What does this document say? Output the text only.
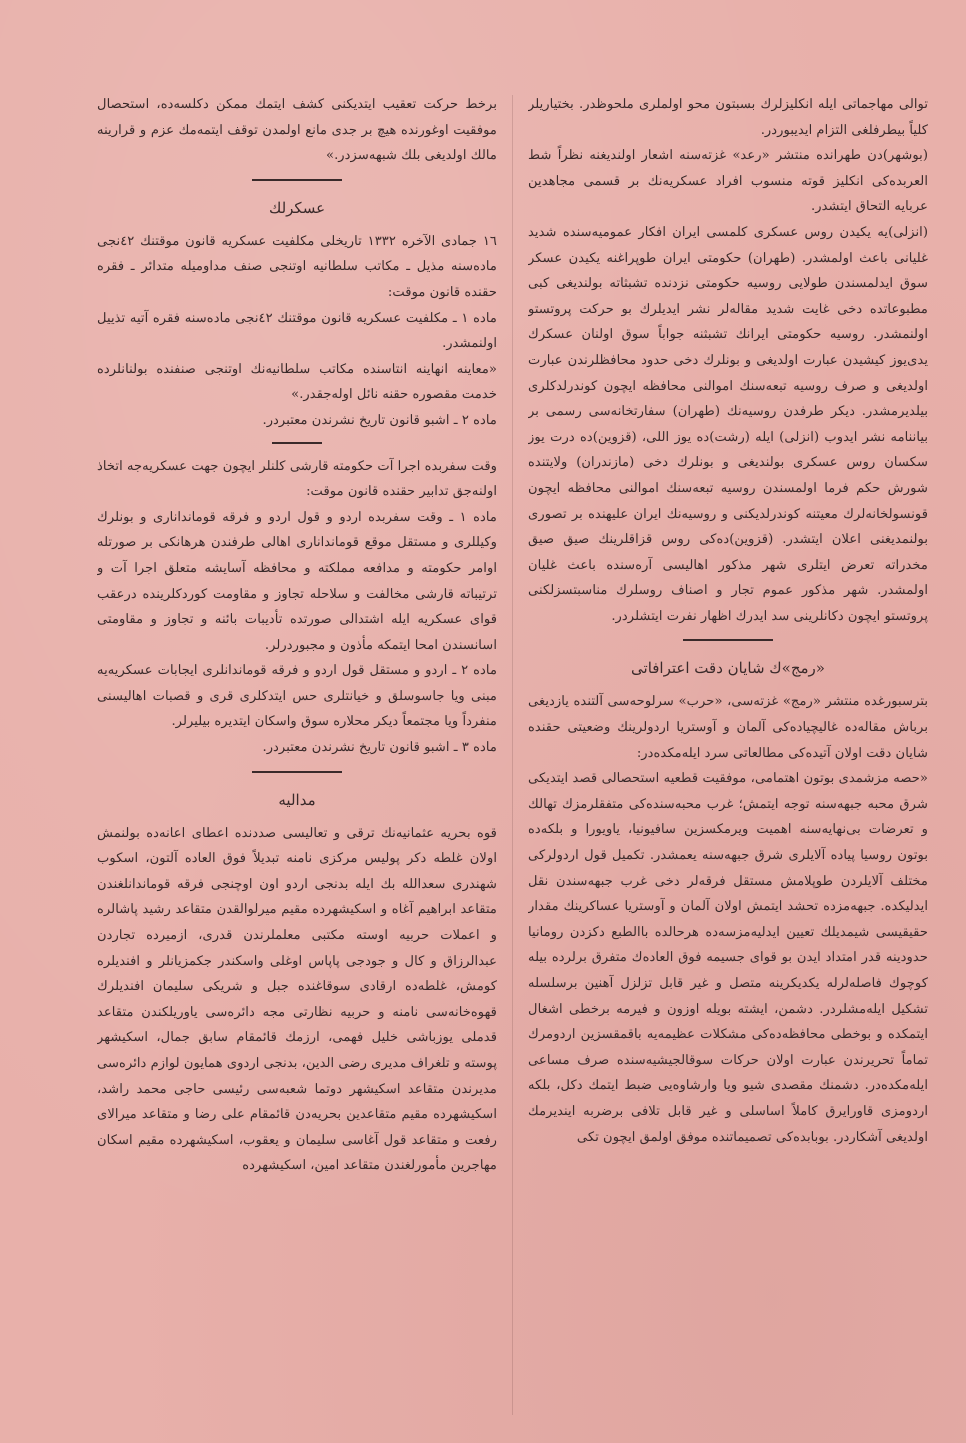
توالی مهاجماتی ایله انکلیزلرك بسبتون محو اولملری ملحوظدر. بختیاریلر کلیاً بیطرفلغی التزام ایدیبوردر.

(بوشهر)دن طهرانده منتشر «رعد» غزته‌سنه اشعار اولندیغنه نظراً شط العربده‌کی انکلیز قوته منسوب افراد عسکریه‌نك بر قسمی مجاهدین عربایه التحاق ایتشدر.

(انزلی)یه یکیدن روس عسکری کلمسی ایران افکار عمومیه‌سنده شدید غلیانی باعث اولمشدر. (طهران) حکومتی ایران طوپراغنه یکیدن عسکر سوق ایدلمسندن طولایی روسیه حکومتی نزدنده تشبثاته بولندیغی کبی مطبوعاتده دخی غایت شدید مقاله‌لر نشر ایدیلرك بو حرکت پروتستو اولنمشدر. روسیه حکومتی ایرانك تشبثنه جواباً سوق اولنان عسکرك یدی‌یوز کیشیدن عبارت اولدیغی و بونلرك دخی حدود محافظلرندن عبارت اولدیغی و صرف روسیه تبعه‌سنك اموالنی محافظه ایچون کوندرلدکلری بیلدیرمشدر. دیکر طرفدن روسیه‌نك (طهران) سفارتخانه‌سی رسمی بر بیاننامه نشر ایدوب (انزلی) ایله (رشت)ده یوز اللی، (قزوین)ده درت یوز سکسان روس عسکری بولندیغی و بونلرك دخی (مازندران) ولایتنده شورش حکم فرما اولمسندن روسیه تبعه‌سنك اموالنی محافظه ایچون قونسولخانه‌لرك معیتنه کوندرلدیکنی و روسیه‌نك ایران علیهنده بر تصوری بولنمدیغنی اعلان ایتشدر. (قزوین)ده‌کی روس قزاقلرینك صیق صیق مخدراته تعرض ایتلری شهر مذکور اهالیسی آره‌سنده باعث غلیان اولمشدر. شهر مذکور عموم تجار و اصناف روسلرك مناسبتسزلکنی پروتستو ایچون دکانلرینی سد ایدرك اظهار نفرت ایتشلردر.

«رمج»ك شایان دقت اعترافاتی

بترسبورغده منتشر «رمج» غزته‌سی، «حرب» سرلوحه‌سی آلتنده یازدیغی برباش مقاله‌ده غالیچیاده‌کی آلمان و آوستریا اردولرینك وضعیتی حقنده شایان دقت اولان آتیده‌کی مطالعاتی سرد ایله‌مکده‌در:

«حصه مزشمدی بوتون اهتمامی، موفقیت قطعیه استحصالی قصد ایتدیکی شرق محبه جبهه‌سنه توجه ایتمش؛ غرب محبه‌سنده‌کی متفقلرمزك تهالك و تعرضات بی‌نهایه‌سنه اهمیت ویرمکسزین سافیونیا، یاویورا و بلکه‌ده بوتون روسیا پیاده آلایلری شرق جبهه‌سنه یعمشدر. تکمیل قول اردولرکی مختلف آلایلردن طوپلامش مستقل فرقه‌لر دخی غرب جبهه‌سندن نقل ایدلیکده. جبهه‌مزده تحشد ایتمش اولان آلمان و آوستریا عساکرینك مقدار حقیقیسی شیمدیلك تعیین ایدلیه‌مزسه‌ده هرحالده باالطبع دکزدن رومانیا حدودینه قدر امتداد ایدن بو قوای جسیمه فوق العاده‌ك متفرق برلرده بیله کوچوك فاصله‌لرله یکدیکرینه متصل و غیر قابل تزلزل آهنین برسلسله تشکیل ایله‌مشلردر. دشمن، ایشته بویله اوزون و فیرمه برخطی اشغال ایتمکده و بوخطی محافظه‌ده‌کی مشکلات عظیمه‌یه باقمقسزین اردومرك تماماً تحریرندن عبارت اولان حرکات سوقالجیشیه‌سنده صرف مساعی ایله‌مکده‌در. دشمنك مقصدی شیو ویا وارشاوه‌یی ضبط ایتمك دکل، بلکه اردومزی قاورایرق کاملاً اساسلی و غیر قابل تلافی برضربه ایندیرمك اولدیغی آشکاردر. بوبابده‌کی تصمیماتنده موفق اولمق ایچون تکی

برخط حرکت تعقیب ایتدیکنی کشف ایتمك ممکن دکلسه‌ده، استحصال موفقیت اوغورنده هیچ بر جدی مانع اولمدن توقف ایتمه‌مك عزم و قرارینه مالك اولدیغی بلك شبهه‌سزدر.»

عسکرلك

١٦ جمادی الآخره ١٣٣٢ تاریخلی مکلفیت عسکریه قانون موقتنك ٤٢نجی ماده‌سنه مذیل ـ مکاتب سلطانیه اوتنجی صنف مداومیله متدائر ـ فقره حقنده قانون موقت:

ماده ١ ـ مکلفیت عسکریه قانون موقتنك ٤٢نجی ماده‌سنه فقره آتیه تذییل اولنمشدر.

«معاینه انهاینه انتاسنده مکاتب سلطانیه‌نك اوتنجی صنفنده بولنانلرده خدمت مقصوره حقنه نائل اوله‌جقدر.»

ماده ٢ ـ اشبو قانون تاریخ نشرندن معتبردر.

وقت سفربده اجرا آت حکومته قارشی کلنلر ایچون جهت عسکریه‌جه اتخاذ اولنه‌جق تدابیر حقنده قانون موقت:

ماده ١ ـ وقت سفربده اردو و قول اردو و فرقه قومانداناری و بونلرك وکیللری و مستقل موقع قومانداناری اهالی طرفندن هرهانکی بر صورتله اوامر حکومته و مدافعه مملکته و محافظه آسایشه متعلق اجرا آت و ترتیباته قارشی مخالفت و سلاحله تجاوز و مقاومت کوردکلرینده درعقب قوای عسکریه ایله اشتدالی صورتده تأدیبات بائنه و تجاوز و مقاومتی اسانسندن امحا ایتمکه مأذون و مجبوردرلر.

ماده ٢ ـ اردو و مستقل قول اردو و فرقه قوماندانلری ایجابات عسکریه‌یه مبنی ویا جاسوسلق و خیانتلری حس ایتدکلری قری و قصبات اهالیسنی منفرداً ویا مجتمعاً دیکر محلاره سوق واسکان ایتدیره بیلیرلر.

ماده ٣ ـ اشبو قانون تاریخ نشرندن معتبردر.

مداليه

قوه بحریه عثمانیه‌نك ترقی و تعالیسی صددنده اعطای اعانه‌ده بولنمش اولان غلطه دکر پولیس مرکزی نامنه تبدیلاً فوق العاده آلتون، اسکوب شهندری سعدالله بك ایله بدنجی اردو اون اوچنجی فرقه قوماندانلغندن متقاعد ابراهیم آغاه و اسکیشهرده مقیم میرلوالقدن متقاعد رشید پاشالره و اعملات حربیه اوسته مکتبی معلملرندن قدری، ازمیرده تجاردن عبدالرزاق و کال و جودجی پاپاس اوغلی واسکندر جکمزیانلر و افندیلره کومش، غلطه‌ده ارقادی سوقاغنده جبل و شریکی سلیمان افندیلرك قهوه‌خانه‌سی نامنه و حربیه نظارتی مجه دائره‌سی یاوریلکندن متقاعد قدملی یوزباشی خلیل فهمی، ارزمك قائمقام سابق جمال، اسکیشهر پوسته و تلغراف مدیری رضی الدین، بدنجی اردوی همایون لوازم دائره‌سی مدیرندن متقاعد اسکیشهر دوتما شعبه‌سی رئیسی حاجی محمد راشد، اسکیشهرده مقیم متقاعدین بحریه‌دن قائمقام علی رضا و متقاعد میرالای رفعت و متقاعد قول آغاسی سلیمان و یعقوب، اسکیشهرده مقیم اسکان مهاجرین مأمورلغندن متقاعد امین، اسکیشهرده
